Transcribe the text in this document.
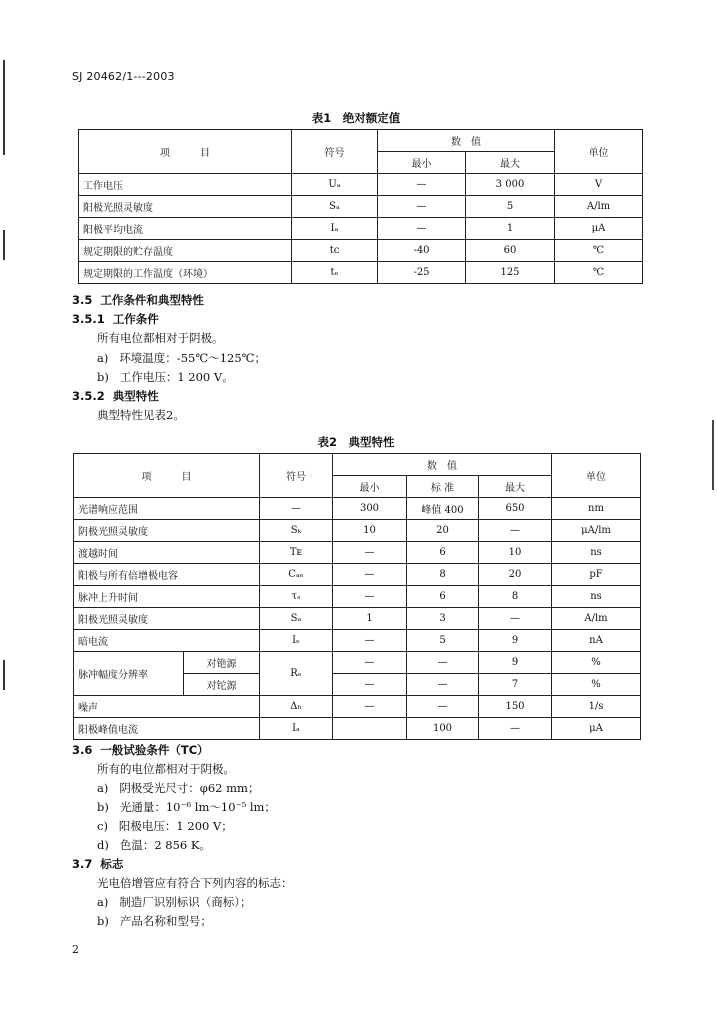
SJ 20462/1---2003
表1　绝对额定值
项　　　目	符号	数　值		单位
		最小	最大	
工作电压	Uₐ	—	3 000	V
阳极光照灵敏度	Sₐ	—	5	A/lm
阳极平均电流	Iₐ	—	1	μA
规定期限的贮存温度	tᴄ	-40	60	℃
规定期限的工作温度（环境）	tₑ	-25	125	℃
3.5 工作条件和典型特性
3.5.1 工作条件
所有电位都相对于阴极。
a) 环境温度：-55℃～125℃；
b) 工作电压：1 200 V。
3.5.2 典型特性
典型特性见表2。
表2　典型特性
项　　　目		符号	数　值			单位
			最小	标 准	最大	
光谱响应范围		—	300	峰值 400	650	nm
阴极光照灵敏度		Sₖ	10	20	—	μA/lm
渡越时间		Tᴇ	—	6	10	ns
阳极与所有倍增极电容		Cₐₑ	—	8	20	pF
脉冲上升时间		τₛ	—	6	8	ns
阳极光照灵敏度		Sₐ	1	3	—	A/lm
暗电流		Iₑ	—	5	9	nA
脉冲幅度分辨率	对铯源	Rₑ	—	—	9	%
	对铊源		—	—	7	%
噪声		Δₕ	—	—	150	1/s
阳极峰值电流		Iₐ		100	—	μA
3.6 一般试验条件（TC）
所有的电位都相对于阴极。
a) 阴极受光尺寸：φ62 mm；
b) 光通量：10⁻⁶ lm～10⁻⁵ lm；
c) 阳极电压：1 200 V；
d) 色温：2 856 K。
3.7 标志
光电倍增管应有符合下列内容的标志：
a) 制造厂识别标识（商标）；
b) 产品名称和型号；
2
